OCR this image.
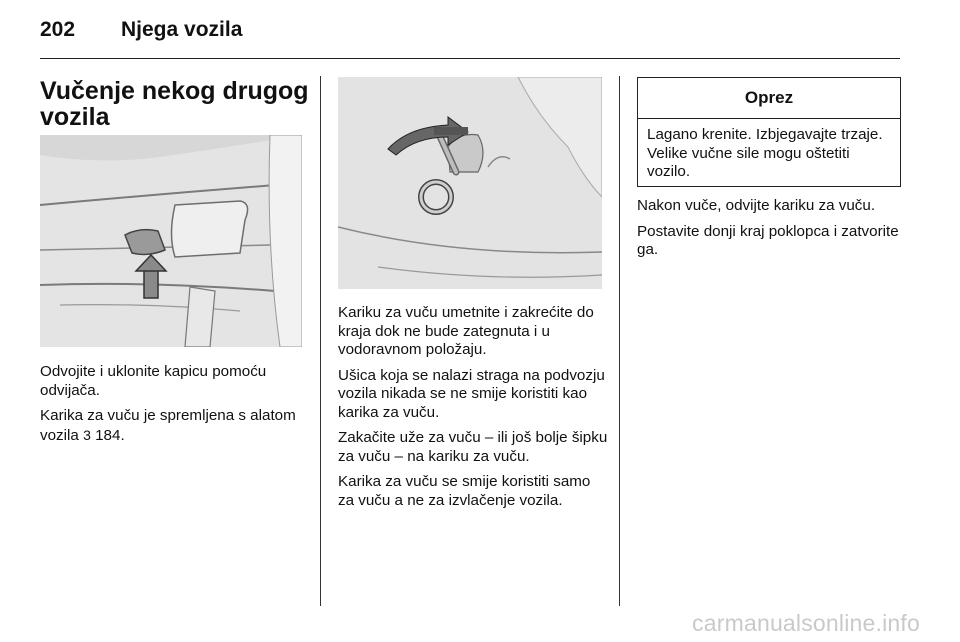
202 Njega vozila
Vučenje nekog drugog vozila

Odvojite i uklonite kapicu pomoću odvijača.

Karika za vuču je spremljena s alatom vozila 3 184.

Kariku za vuču umetnite i zakrećite do kraja dok ne bude zategnuta i u vodoravnom položaju.

Ušica koja se nalazi straga na podvozju vozila nikada se ne smije koristiti kao karika za vuču.

Zakačite uže za vuču – ili još bolje šipku za vuču – na kariku za vuču.

Karika za vuču se smije koristiti samo za vuču a ne za izvlačenje vozila.

Oprez
Lagano krenite. Izbjegavajte trzaje. Velike vučne sile mogu oštetiti vozilo.

Nakon vuče, odvijte kariku za vuču.

Postavite donji kraj poklopca i zatvorite ga.

carmanualsonline.info
